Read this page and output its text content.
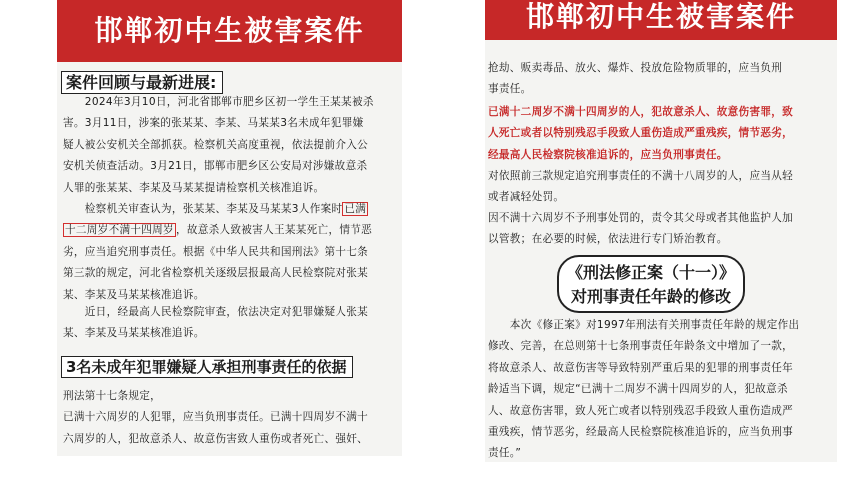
邯郸初中生被害案件
案件回顾与最新进展:
　　2024年3月10日，河北省邯郸市肥乡区初一学生王某某被杀
害。3月11日，涉案的张某某、李某、马某某3名未成年犯罪嫌
疑人被公安机关全部抓获。检察机关高度重视，依法提前介入公
安机关侦查活动。3月21日，邯郸市肥乡区公安局对涉嫌故意杀
人罪的张某某、李某及马某某提请检察机关核准追诉。
　　检察机关审查认为，张某某、李某及马某某3人作案时 已满
十二周岁不满十四周岁 ，故意杀人致被害人王某某死亡，情节恶
劣，应当追究刑事责任。根据《中华人民共和国刑法》第十七条
第三款的规定，河北省检察机关逐级层报最高人民检察院对张某
某、李某及马某某核准追诉。
　　近日，经最高人民检察院审查，依法决定对犯罪嫌疑人张某
某、李某及马某某核准追诉。
3名未成年犯罪嫌疑人承担刑事责任的依据
刑法第十七条规定，
已满十六周岁的人犯罪，应当负刑事责任。已满十四周岁不满十
六周岁的人，犯故意杀人、故意伤害致人重伤或者死亡、强奸、
邯郸初中生被害案件
抢劫、贩卖毒品、放火、爆炸、投放危险物质罪的，应当负刑
事责任。
已满十二周岁不满十四周岁的人，犯故意杀人、故意伤害罪，致
人死亡或者以特别残忍手段致人重伤造成严重残疾，情节恶劣，
经最高人民检察院核准追诉的，应当负刑事责任。
对依照前三款规定追究刑事责任的不满十八周岁的人，应当从轻
或者减轻处罚。
因不满十六周岁不予刑事处罚的，责令其父母或者其他监护人加
以管教；在必要的时候，依法进行专门矫治教育。
《刑法修正案（十一）》
对刑事责任年龄的修改
　　本次《修正案》对1997年刑法有关刑事责任年龄的规定作出
修改、完善，在总则第十七条刑事责任年龄条文中增加了一款，
将故意杀人、故意伤害等导致特别严重后果的犯罪的刑事责任年
龄适当下调，规定“已满十二周岁不满十四周岁的人，犯故意杀
人、故意伤害罪，致人死亡或者以特别残忍手段致人重伤造成严
重残疾，情节恶劣，经最高人民检察院核准追诉的，应当负刑事
责任。”
